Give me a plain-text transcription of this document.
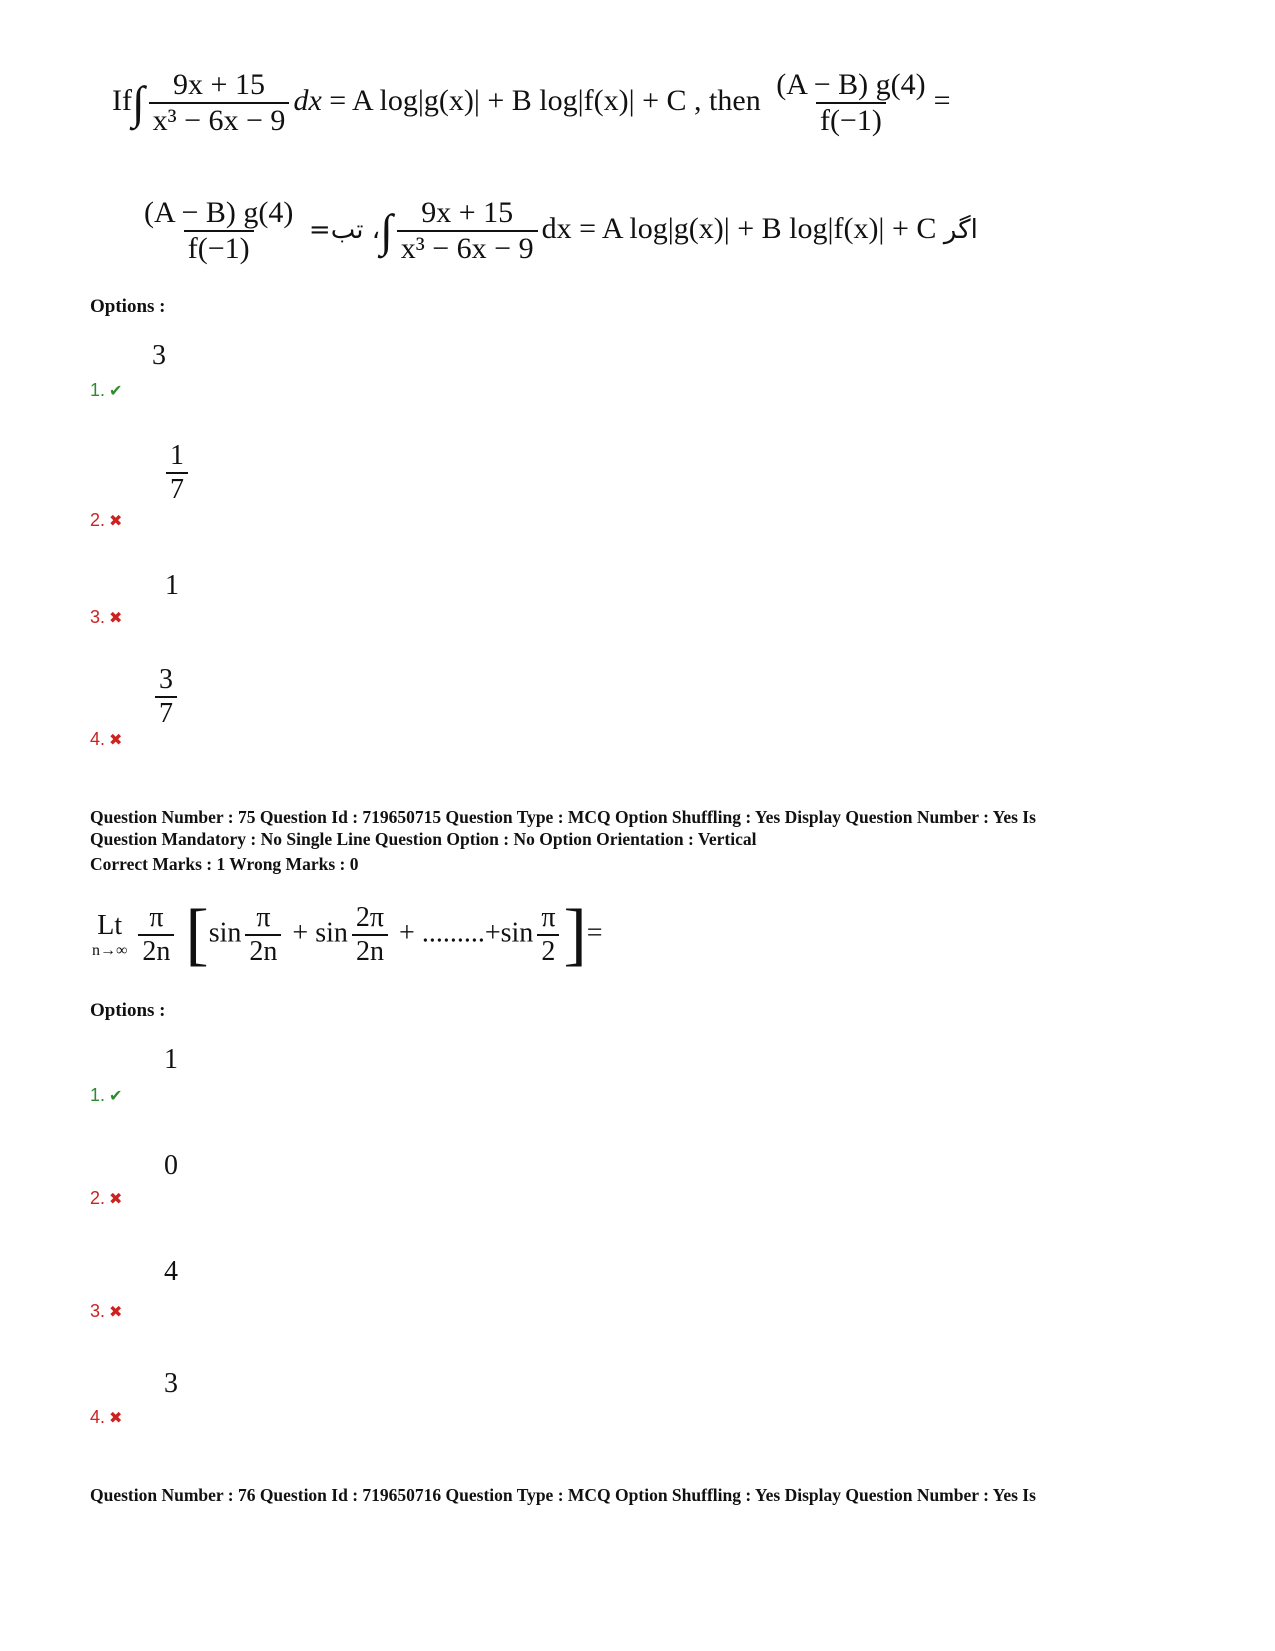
$If\int \frac{9x + 15}{\text{x³ − 6x − 9}}$ dx = A log|g(x)| + B log|f(x)| + C , then $\frac{(A - B) g(4)}{f(-1)}$ =
$\frac{(A - B) g(4)}{f(-1)}$ =تب ،∫ $\frac{9x + 15}{\text{x³ − 6x − 9}}$ dx = A log|g(x)| + B log|f(x)| + C اگر
Options :
3
1. ✔
$\frac{1}{7}$
2. ✖
1
3. ✖
$\frac{3}{7}$
4. ✖
Question Number : 75 Question Id : 719650715 Question Type : MCQ Option Shuffling : Yes Display Question Number : Yes Is
Question Mandatory : No Single Line Question Option : No Option Orientation : Vertical
Correct Marks : 1 Wrong Marks : 0
Lt
n→∞
$\frac{\pi}{2n} [\sin \frac{\pi}{2n} + \sin \frac{2\pi}{2n} + .........+\sin \frac{\pi}{2}$ ]=
Options :
1
1. ✔
0
2. ✖
4
3. ✖
3
4. ✖
Question Number : 76 Question Id : 719650716 Question Type : MCQ Option Shuffling : Yes Display Question Number : Yes Is
